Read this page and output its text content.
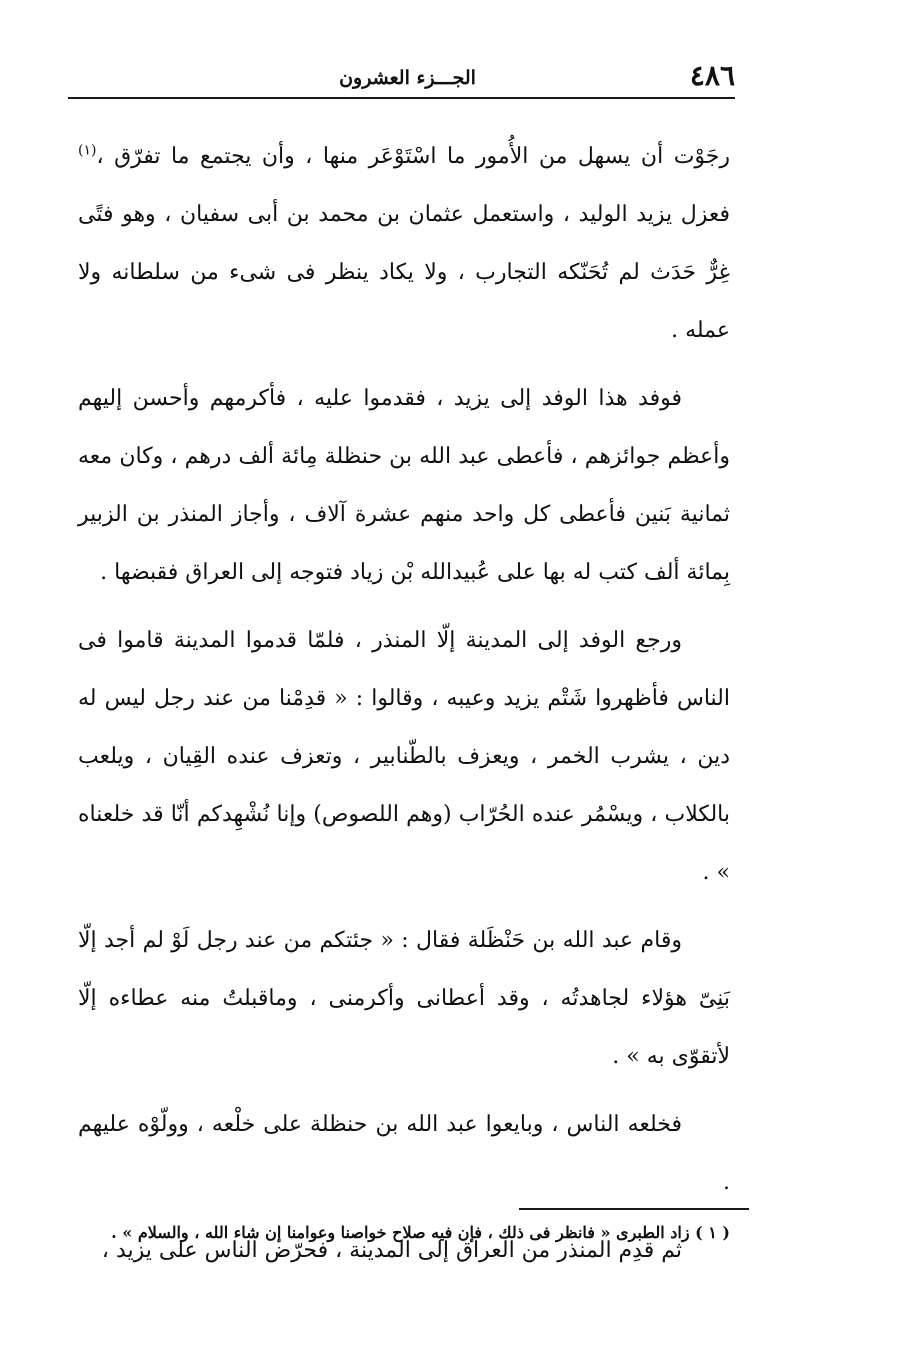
٤٨٦
الجـــزء العشرون

رجَوْت أن يسهل من الأُمور ما اسْتَوْعَر منها ، وأن يجتمع ما تفرّق ،$^{(١)}$ فعزل يزيد الوليد ، واستعمل عثمان بن محمد بن أبى سفيان ، وهو فتًى غِرٌّ حَدَث لم تُحَنّكه التجارب ، ولا يكاد ينظر فى شىء من سلطانه ولا عمله .

فوفد هذا الوفد إلى يزيد ، فقدموا عليه ، فأكرمهم وأحسن إليهم وأعظم جوائزهم ، فأعطى عبد الله بن حنظلة مِائة ألف درهم ، وكان معه ثمانية بَنين فأعطى كل واحد منهم عشرة آلاف ، وأجاز المنذر بن الزبير بِمائة ألف كتب له بها على عُبيدالله بْن زياد فتوجه إلى العراق فقبضها .

ورجع الوفد إلى المدينة إلّا المنذر ، فلمّا قدموا المدينة قاموا فى الناس فأظهروا شَتْم يزيد وعيبه ، وقالوا : « قدِمْنا من عند رجل ليس له دين ، يشرب الخمر ، ويعزف بالطّنابير ، وتعزف عنده القِيان ، ويلعب بالكلاب ، ويسْمُر عنده الحُرّاب (وهم اللصوص) وإنا نُشْهِدكم أنّا قد خلعناه » .

وقام عبد الله بن حَنْظَلة فقال : « جئتكم من عند رجل لَوْ لم أجد إلّا بَنِىّ هؤلاء لجاهدتُه ، وقد أعطانى وأكرمنى ، وماقبلتُ منه عطاءه إلّا لأتقوّى به » .

فخلعه الناس ، وبايعوا عبد الله بن حنظلة على خلْعه ، وولّوْه عليهم .

ثم قدِم المنذر من العراق إلى المدينة ، فحرّض الناس على يزيد ،

( ١ ) زاد الطبرى « فانظر فى ذلك ، فإن فيه صلاح خواصنا وعوامنا إن شاء الله ، والسلام » .
